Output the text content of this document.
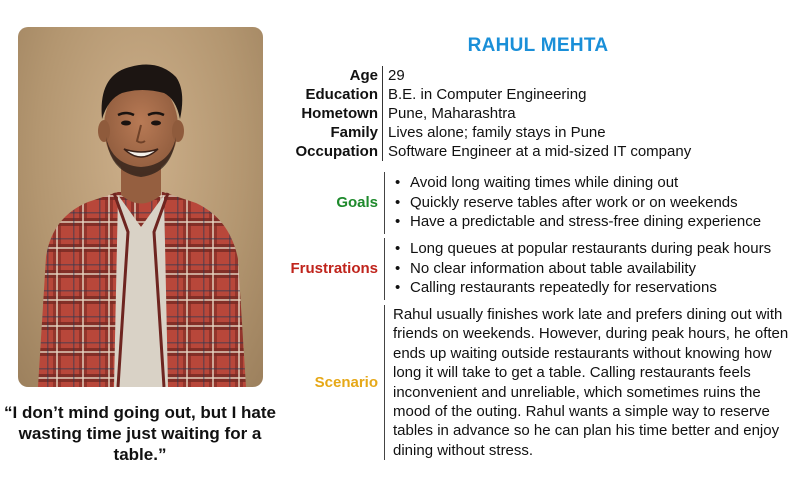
“I don’t mind going out, but I hate wasting time just waiting for a table.”
RAHUL MEHTA
Age 29
Education B.E. in Computer Engineering
Hometown Pune, Maharashtra
Family Lives alone; family stays in Pune
Occupation Software Engineer at a mid-sized IT company
Goals
• Avoid long waiting times while dining out
• Quickly reserve tables after work or on weekends
• Have a predictable and stress-free dining experience
Frustrations
• Long queues at popular restaurants during peak hours
• No clear information about table availability
• Calling restaurants repeatedly for reservations
Scenario

Rahul usually finishes work late and prefers dining out with friends on weekends. However, during peak hours, he often ends up waiting outside restaurants without knowing how long it will take to get a table. Calling restaurants feels inconvenient and unreliable, which sometimes ruins the mood of the outing. Rahul wants a simple way to reserve tables in advance so he can plan his time better and enjoy dining without stress.
